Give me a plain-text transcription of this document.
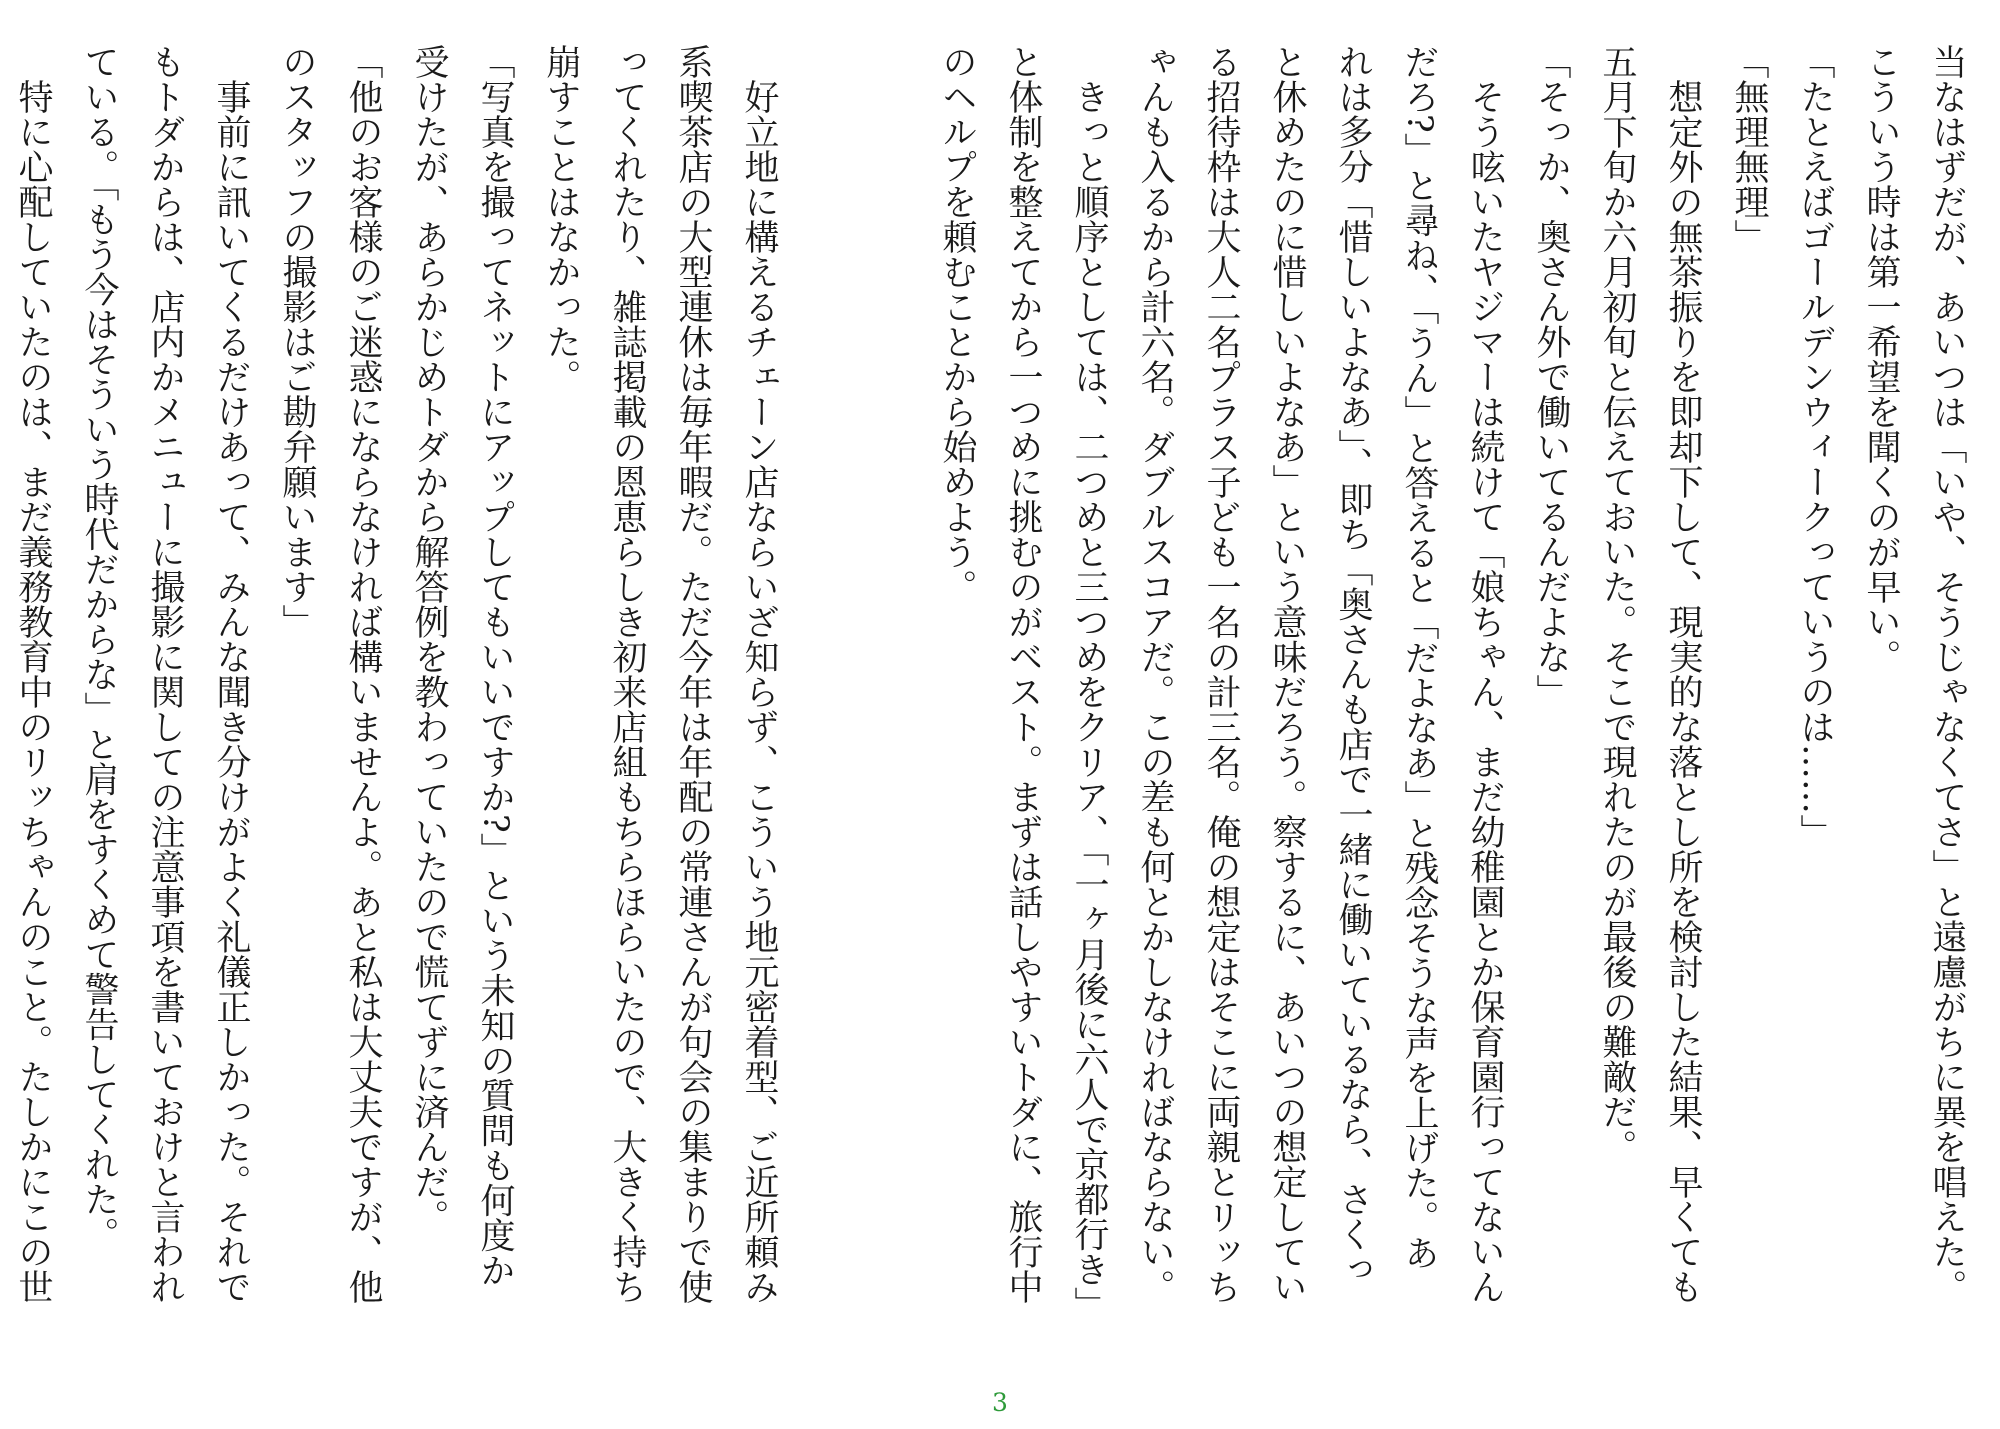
当なはずだが、あいつは「いや、そうじゃなくてさ」と遠慮がちに異を唱えた。
こういう時は第一希望を聞くのが早い。
「たとえばゴールデンウィークっていうのは……」
「無理無理」
　想定外の無茶振りを即却下して、現実的な落とし所を検討した結果、早くても
五月下旬か六月初旬と伝えておいた。そこで現れたのが最後の難敵だ。
「そっか、奥さん外で働いてるんだよな」
　そう呟いたヤジマーは続けて「娘ちゃん、まだ幼稚園とか保育園行ってないん
だろ?」と尋ね、「うん」と答えると「だよなあ」と残念そうな声を上げた。あ
れは多分「惜しいよなあ」、即ち「奥さんも店で一緒に働いているなら、さくっ
と休めたのに惜しいよなあ」という意味だろう。察するに、あいつの想定してい
る招待枠は大人二名プラス子ども一名の計三名。俺の想定はそこに両親とリッち
ゃんも入るから計六名。ダブルスコアだ。この差も何とかしなければならない。
　きっと順序としては、二つめと三つめをクリア、「一ヶ月後に六人で京都行き」
と体制を整えてから一つめに挑むのがベスト。まずは話しやすいトダに、旅行中
のヘルプを頼むことから始めよう。

　好立地に構えるチェーン店ならいざ知らず、こういう地元密着型、ご近所頼み
系喫茶店の大型連休は毎年暇だ。ただ今年は年配の常連さんが句会の集まりで使
ってくれたり、雑誌掲載の恩恵らしき初来店組もちらほらいたので、大きく持ち
崩すことはなかった。
「写真を撮ってネットにアップしてもいいですか?」という未知の質問も何度か
受けたが、あらかじめトダから解答例を教わっていたので慌てずに済んだ。
「他のお客様のご迷惑にならなければ構いませんよ。あと私は大丈夫ですが、他
のスタッフの撮影はご勘弁願います」
　事前に訊いてくるだけあって、みんな聞き分けがよく礼儀正しかった。それで
もトダからは、店内かメニューに撮影に関しての注意事項を書いておけと言われ
ている。「もう今はそういう時代だからな」と肩をすくめて警告してくれた。
　特に心配していたのは、まだ義務教育中のリッちゃんのこと。たしかにこの世
3
